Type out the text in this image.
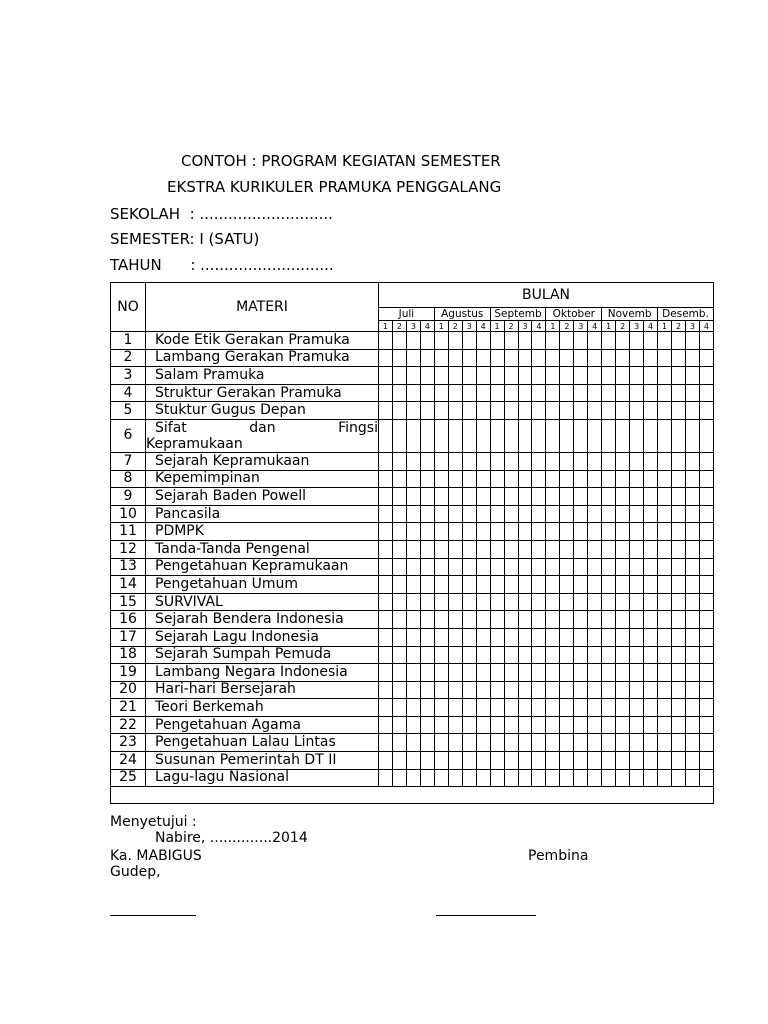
CONTOH : PROGRAM KEGIATAN SEMESTER
EKSTRA KURIKULER PRAMUKA PENGGALANG
SEKOLAH  : ............................
SEMESTER: I (SATU)
TAHUN      : ............................
NO	MATERI	BULAN																							
		Juli				Agustus				Septemb				Oktober				Novemb				Desemb.			
		1	2	3	4	1	2	3	4	1	2	3	4	1	2	3	4	1	2	3	4	1	2	3	4
1	Kode Etik Gerakan Pramuka																								
2	Lambang Gerakan Pramuka																								
3	Salam Pramuka																								
4	Struktur Gerakan Pramuka																								
5	Stuktur Gugus Depan																								
6	Sifat dan Fingsi
Kepramukaan																								

7	Sejarah Kepramukaan																								
8	Kepemimpinan																								
9	Sejarah Baden Powell																								
10	Pancasila																								
11	PDMPK																								
12	Tanda-Tanda Pengenal																								
13	Pengetahuan Kepramukaan																								
14	Pengetahuan Umum																								
15	SURVIVAL																								
16	Sejarah Bendera Indonesia																								
17	Sejarah Lagu Indonesia																								
18	Sejarah Sumpah Pemuda																								
19	Lambang Negara Indonesia																								
20	Hari-hari Bersejarah																								
21	Teori Berkemah																								
22	Pengetahuan Agama																								
23	Pengetahuan Lalau Lintas																								
24	Susunan Pemerintah DT II																								
25	Lagu-lagu Nasional																								

Menyetujui :
Nabire, ..............2014
Ka. MABIGUS	Pembina
Gudep,
